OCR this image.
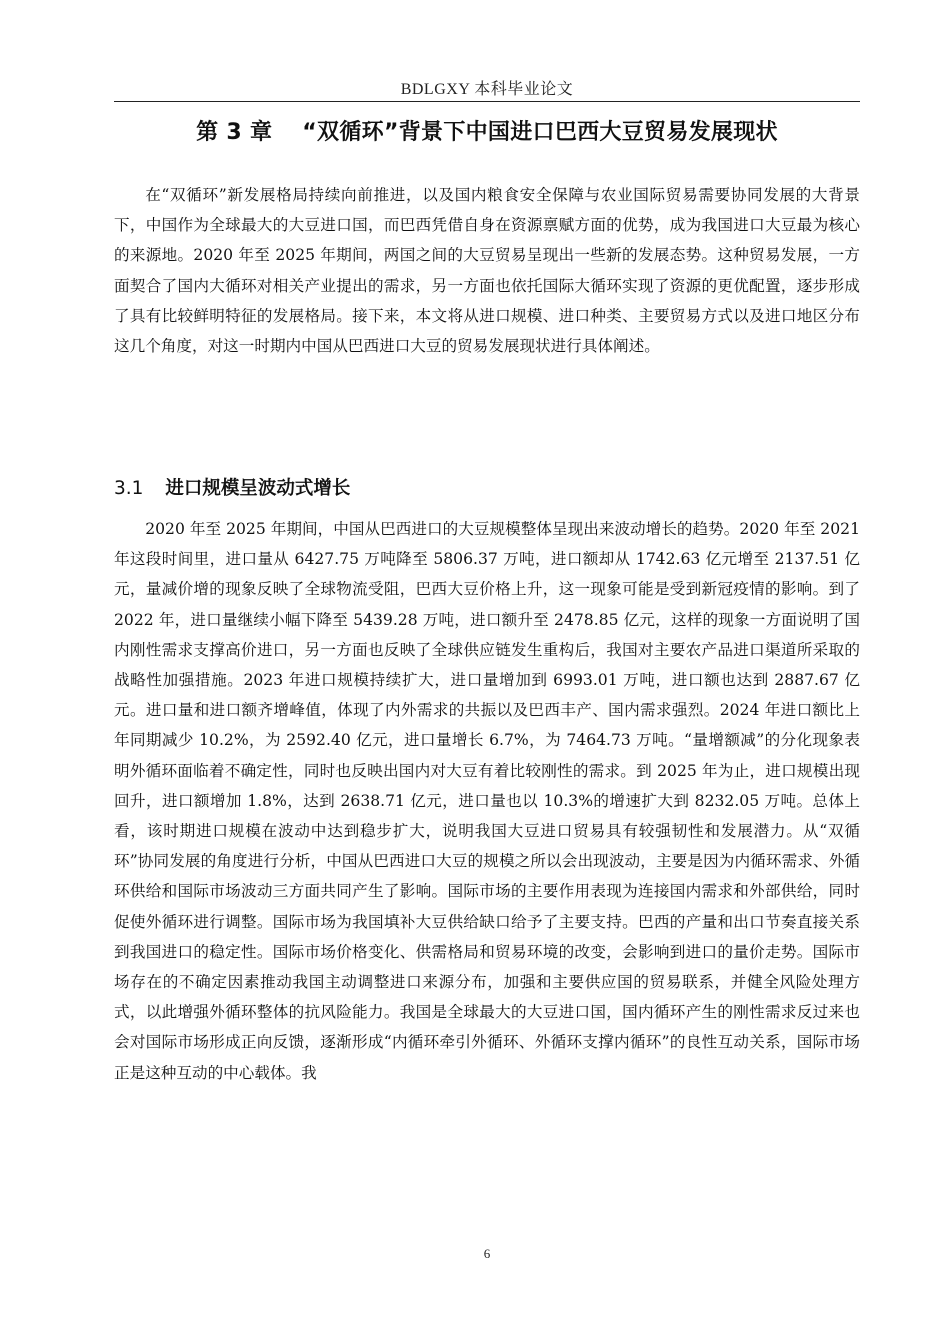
BDLGXY 本科毕业论文
第 3 章 “双循环”背景下中国进口巴西大豆贸易发展现状

在“双循环”新发展格局持续向前推进，以及国内粮食安全保障与农业国际贸易需要协同发展的大背景下，中国作为全球最大的大豆进口国，而巴西凭借自身在资源禀赋方面的优势，成为我国进口大豆最为核心的来源地。2020 年至 2025 年期间，两国之间的大豆贸易呈现出一些新的发展态势。这种贸易发展，一方面契合了国内大循环对相关产业提出的需求，另一方面也依托国际大循环实现了资源的更优配置，逐步形成了具有比较鲜明特征的发展格局。接下来，本文将从进口规模、进口种类、主要贸易方式以及进口地区分布这几个角度，对这一时期内中国从巴西进口大豆的贸易发展现状进行具体阐述。

3.1 进口规模呈波动式增长

2020 年至 2025 年期间，中国从巴西进口的大豆规模整体呈现出来波动增长的趋势。2020 年至 2021 年这段时间里，进口量从 6427.75 万吨降至 5806.37 万吨，进口额却从 1742.63 亿元增至 2137.51 亿元，量减价增的现象反映了全球物流受阻，巴西大豆价格上升，这一现象可能是受到新冠疫情的影响。到了 2022 年，进口量继续小幅下降至 5439.28 万吨，进口额升至 2478.85 亿元，这样的现象一方面说明了国内刚性需求支撑高价进口，另一方面也反映了全球供应链发生重构后，我国对主要农产品进口渠道所采取的战略性加强措施。2023 年进口规模持续扩大，进口量增加到 6993.01 万吨，进口额也达到 2887.67 亿元。进口量和进口额齐增峰值，体现了内外需求的共振以及巴西丰产、国内需求强烈。2024 年进口额比上年同期减少 10.2%，为 2592.40 亿元，进口量增长 6.7%，为 7464.73 万吨。“量增额减”的分化现象表明外循环面临着不确定性，同时也反映出国内对大豆有着比较刚性的需求。到 2025 年为止，进口规模出现回升，进口额增加 1.8%，达到 2638.71 亿元，进口量也以 10.3%的增速扩大到 8232.05 万吨。总体上看，该时期进口规模在波动中达到稳步扩大，说明我国大豆进口贸易具有较强韧性和发展潜力。从“双循环”协同发展的角度进行分析，中国从巴西进口大豆的规模之所以会出现波动，主要是因为内循环需求、外循环供给和国际市场波动三方面共同产生了影响。国际市场的主要作用表现为连接国内需求和外部供给，同时促使外循环进行调整。国际市场为我国填补大豆供给缺口给予了主要支持。巴西的产量和出口节奏直接关系到我国进口的稳定性。国际市场价格变化、供需格局和贸易环境的改变，会影响到进口的量价走势。国际市场存在的不确定因素推动我国主动调整进口来源分布，加强和主要供应国的贸易联系，并健全风险处理方式，以此增强外循环整体的抗风险能力。我国是全球最大的大豆进口国，国内循环产生的刚性需求反过来也会对国际市场形成正向反馈，逐渐形成“内循环牵引外循环、外循环支撑内循环”的良性互动关系，国际市场正是这种互动的中心载体。我

6
